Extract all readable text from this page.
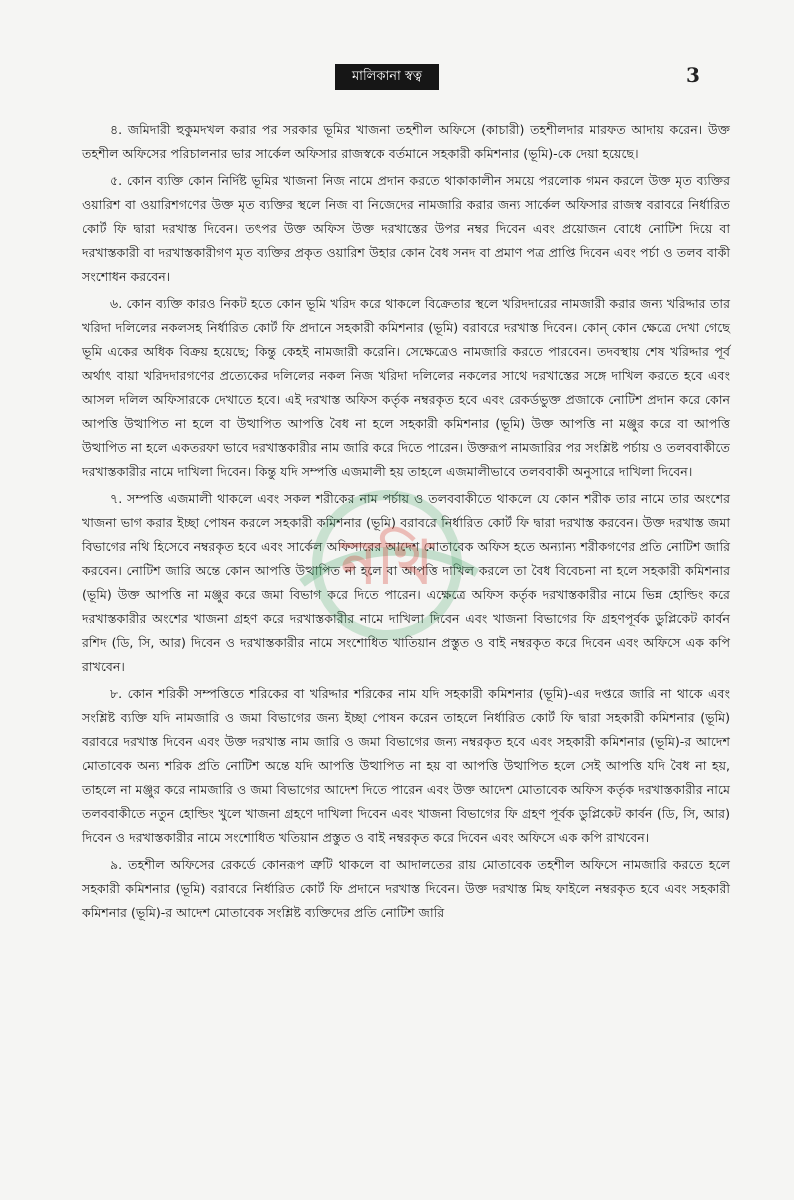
মালিকানা স্বত্ব	3

৪. জমিদারী হুকুমদখল করার পর সরকার ভূমির খাজনা তহশীল অফিসে (কাচারী) তহশীলদার মারফত আদায় করেন। উক্ত তহশীল অফিসের পরিচালনার ভার সার্কেল অফিসার রাজস্বকে বর্তমানে সহকারী কমিশনার (ভূমি)-কে দেয়া হয়েছে।

৫. কোন ব্যক্তি কোন নির্দিষ্ট ভূমির খাজনা নিজ নামে প্রদান করতে থাকাকালীন সময়ে পরলোক গমন করলে উক্ত মৃত ব্যক্তির ওয়ারিশ বা ওয়ারিশগণের উক্ত মৃত ব্যক্তির স্থলে নিজ বা নিজেদের নামজারি করার জন্য সার্কেল অফিসার রাজস্ব বরাবরে নির্ধারিত কোর্ট ফি দ্বারা দরখাস্ত দিবেন। তৎপর উক্ত অফিস উক্ত দরখাস্তের উপর নম্বর দিবেন এবং প্রয়োজন বোধে নোটিশ দিয়ে বা দরখাস্তকারী বা দরখাস্তকারীগণ মৃত ব্যক্তির প্রকৃত ওয়ারিশ উহার কোন বৈধ সনদ বা প্রমাণ পত্র প্রাপ্তি দিবেন এবং পর্চা ও তলব বাকী সংশোধন করবেন।

৬. কোন ব্যক্তি কারও নিকট হতে কোন ভূমি খরিদ করে থাকলে বিক্রেতার স্থলে খরিদদারের নামজারী করার জন্য খরিদ্দার তার খরিদা দলিলের নকলসহ নির্ধারিত কোর্ট ফি প্রদানে সহকারী কমিশনার (ভূমি) বরাবরে দরখাস্ত দিবেন। কোন্ কোন ক্ষেত্রে দেখা গেছে ভূমি একের অধিক বিক্রয় হয়েছে; কিন্তু কেহই নামজারী করেনি। সেক্ষেত্রেও নামজারি করতে পারবেন। তদবস্থায় শেষ খরিদ্দার পূর্ব অর্থাৎ বায়া খরিদদারগণের প্রত্যেকের দলিলের নকল নিজ খরিদা দলিলের নকলের সাথে দরখাস্তের সঙ্গে দাখিল করতে হবে এবং আসল দলিল অফিসারকে দেখাতে হবে। এই দরখাস্ত অফিস কর্তৃক নম্বরকৃত হবে এবং রেকর্ডভুক্ত প্রজাকে নোটিশ প্রদান করে কোন আপত্তি উত্থাপিত না হলে বা উত্থাপিত আপত্তি বৈধ না হলে সহকারী কমিশনার (ভূমি) উক্ত আপত্তি না মঞ্জুর করে বা আপত্তি উত্থাপিত না হলে একতরফা ভাবে দরখাস্তকারীর নাম জারি করে দিতে পারেন। উক্তরূপ নামজারির পর সংশ্লিষ্ট পর্চায় ও তলববাকীতে দরখাস্তকারীর নামে দাখিলা দিবেন। কিন্তু যদি সম্পত্তি এজমালী হয় তাহলে এজমালীভাবে তলববাকী অনুসারে দাখিলা দিবেন।

৭. সম্পত্তি এজমালী থাকলে এবং সকল শরীকের নাম পর্চায় ও তলববাকীতে থাকলে যে কোন শরীক তার নামে তার অংশের খাজনা ভাগ করার ইচ্ছা পোষন করলে সহকারী কমিশনার (ভূমি) বরাবরে নির্ধারিত কোর্ট ফি দ্বারা দরখাস্ত করবেন। উক্ত দরখাস্ত জমা বিভাগের নথি হিসেবে নম্বরকৃত হবে এবং সার্কেল অফিসারের আদেশ মোতাবেক অফিস হতে অন্যান্য শরীকগণের প্রতি নোটিশ জারি করবেন। নোটিশ জারি অন্তে কোন আপত্তি উত্থাপিত না হলে বা আপত্তি দাখিল করলে তা বৈধ বিবেচনা না হলে সহকারী কমিশনার (ভূমি) উক্ত আপত্তি না মঞ্জুর করে জমা বিভাগ করে দিতে পারেন। এক্ষেত্রে অফিস কর্তৃক দরখাস্তকারীর নামে ভিন্ন হোল্ডিং করে দরখাস্তকারীর অংশের খাজনা গ্রহণ করে দরখাস্তকারীর নামে দাখিলা দিবেন এবং খাজনা বিভাগের ফি গ্রহণপূর্বক ডুপ্লিকেট কার্বন রশিদ (ডি, সি, আর) দিবেন ও দরখাস্তকারীর নামে সংশোধিত খাতিয়ান প্রস্তুত ও বাই নম্বরকৃত করে দিবেন এবং অফিসে এক কপি রাখবেন।

৮. কোন শরিকী সম্পত্তিতে শরিকের বা খরিদ্দার শরিকের নাম যদি সহকারী কমিশনার (ভূমি)-এর দপ্তরে জারি না থাকে এবং সংশ্লিষ্ট ব্যক্তি যদি নামজারি ও জমা বিভাগের জন্য ইচ্ছা পোষন করেন তাহলে নির্ধারিত কোর্ট ফি দ্বারা সহকারী কমিশনার (ভূমি) বরাবরে দরখাস্ত দিবেন এবং উক্ত দরখাস্ত নাম জারি ও জমা বিভাগের জন্য নম্বরকৃত হবে এবং সহকারী কমিশনার (ভূমি)-র আদেশ মোতাবেক অন্য শরিক প্রতি নোটিশ অন্তে যদি আপত্তি উত্থাপিত না হয় বা আপত্তি উত্থাপিত হলে সেই আপত্তি যদি বৈধ না হয়, তাহলে না মঞ্জুর করে নামজারি ও জমা বিভাগের আদেশ দিতে পারেন এবং উক্ত আদেশ মোতাবেক অফিস কর্তৃক দরখাস্তকারীর নামে তলববাকীতে নতুন হোল্ডিং খুলে খাজনা গ্রহণে দাখিলা দিবেন এবং খাজনা বিভাগের ফি গ্রহণ পূর্বক ডুপ্লিকেট কার্বন (ডি, সি, আর) দিবেন ও দরখাস্তকারীর নামে সংশোধিত খতিয়ান প্রস্তুত ও বাই নম্বরকৃত করে দিবেন এবং অফিসে এক কপি রাখবেন।

৯. তহশীল অফিসের রেকর্ডে কোনরূপ ত্রুটি থাকলে বা আদালতের রায় মোতাবেক তহশীল অফিসে নামজারি করতে হলে সহকারী কমিশনার (ভূমি) বরাবরে নির্ধারিত কোর্ট ফি প্রদানে দরখাস্ত দিবেন। উক্ত দরখাস্ত মিছ ফাইলে নম্বরকৃত হবে এবং সহকারী কমিশনার (ভূমি)-র আদেশ মোতাবেক সংশ্লিষ্ট ব্যক্তিদের প্রতি নোটিশ জারি

নথি
